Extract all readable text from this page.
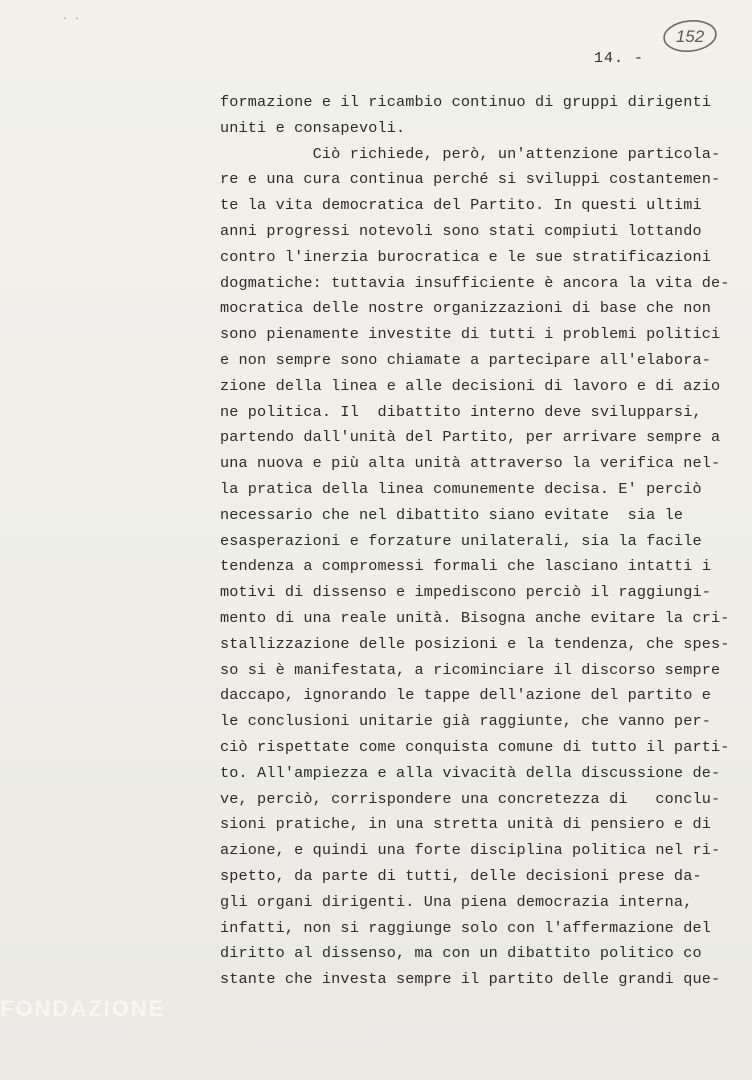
· ·
152
14. -
formazione e il ricambio continuo di gruppi dirigenti
uniti e consapevoli.
Ciò richiede, però, un'attenzione particola-
re e una cura continua perché si sviluppi costantemen-
te la vita democratica del Partito. In questi ultimi
anni progressi notevoli sono stati compiuti lottando
contro l'inerzia burocratica e le sue stratificazioni
dogmatiche: tuttavia insufficiente è ancora la vita de-
mocratica delle nostre organizzazioni di base che non
sono pienamente investite di tutti i problemi politici
e non sempre sono chiamate a partecipare all'elabora-
zione della linea e alle decisioni di lavoro e di azio
ne politica. Il  dibattito interno deve svilupparsi,
partendo dall'unità del Partito, per arrivare sempre a
una nuova e più alta unità attraverso la verifica nel-
la pratica della linea comunemente decisa. E' perciò
necessario che nel dibattito siano evitate  sia le
esasperazioni e forzature unilaterali, sia la facile
tendenza a compromessi formali che lasciano intatti i
motivi di dissenso e impediscono perciò il raggiungi-
mento di una reale unità. Bisogna anche evitare la cri-
stallizzazione delle posizioni e la tendenza, che spes-
so si è manifestata, a ricominciare il discorso sempre
daccapo, ignorando le tappe dell'azione del partito e
le conclusioni unitarie già raggiunte, che vanno per-
ciò rispettate come conquista comune di tutto il parti-
to. All'ampiezza e alla vivacità della discussione de-
ve, perciò, corrispondere una concretezza di   conclu-
sioni pratiche, in una stretta unità di pensiero e di
azione, e quindi una forte disciplina politica nel ri-
spetto, da parte di tutti, delle decisioni prese da-
gli organi dirigenti. Una piena democrazia interna,
infatti, non si raggiunge solo con l'affermazione del
diritto al dissenso, ma con un dibattito politico co
stante che investa sempre il partito delle grandi que-
FONDAZIONE
